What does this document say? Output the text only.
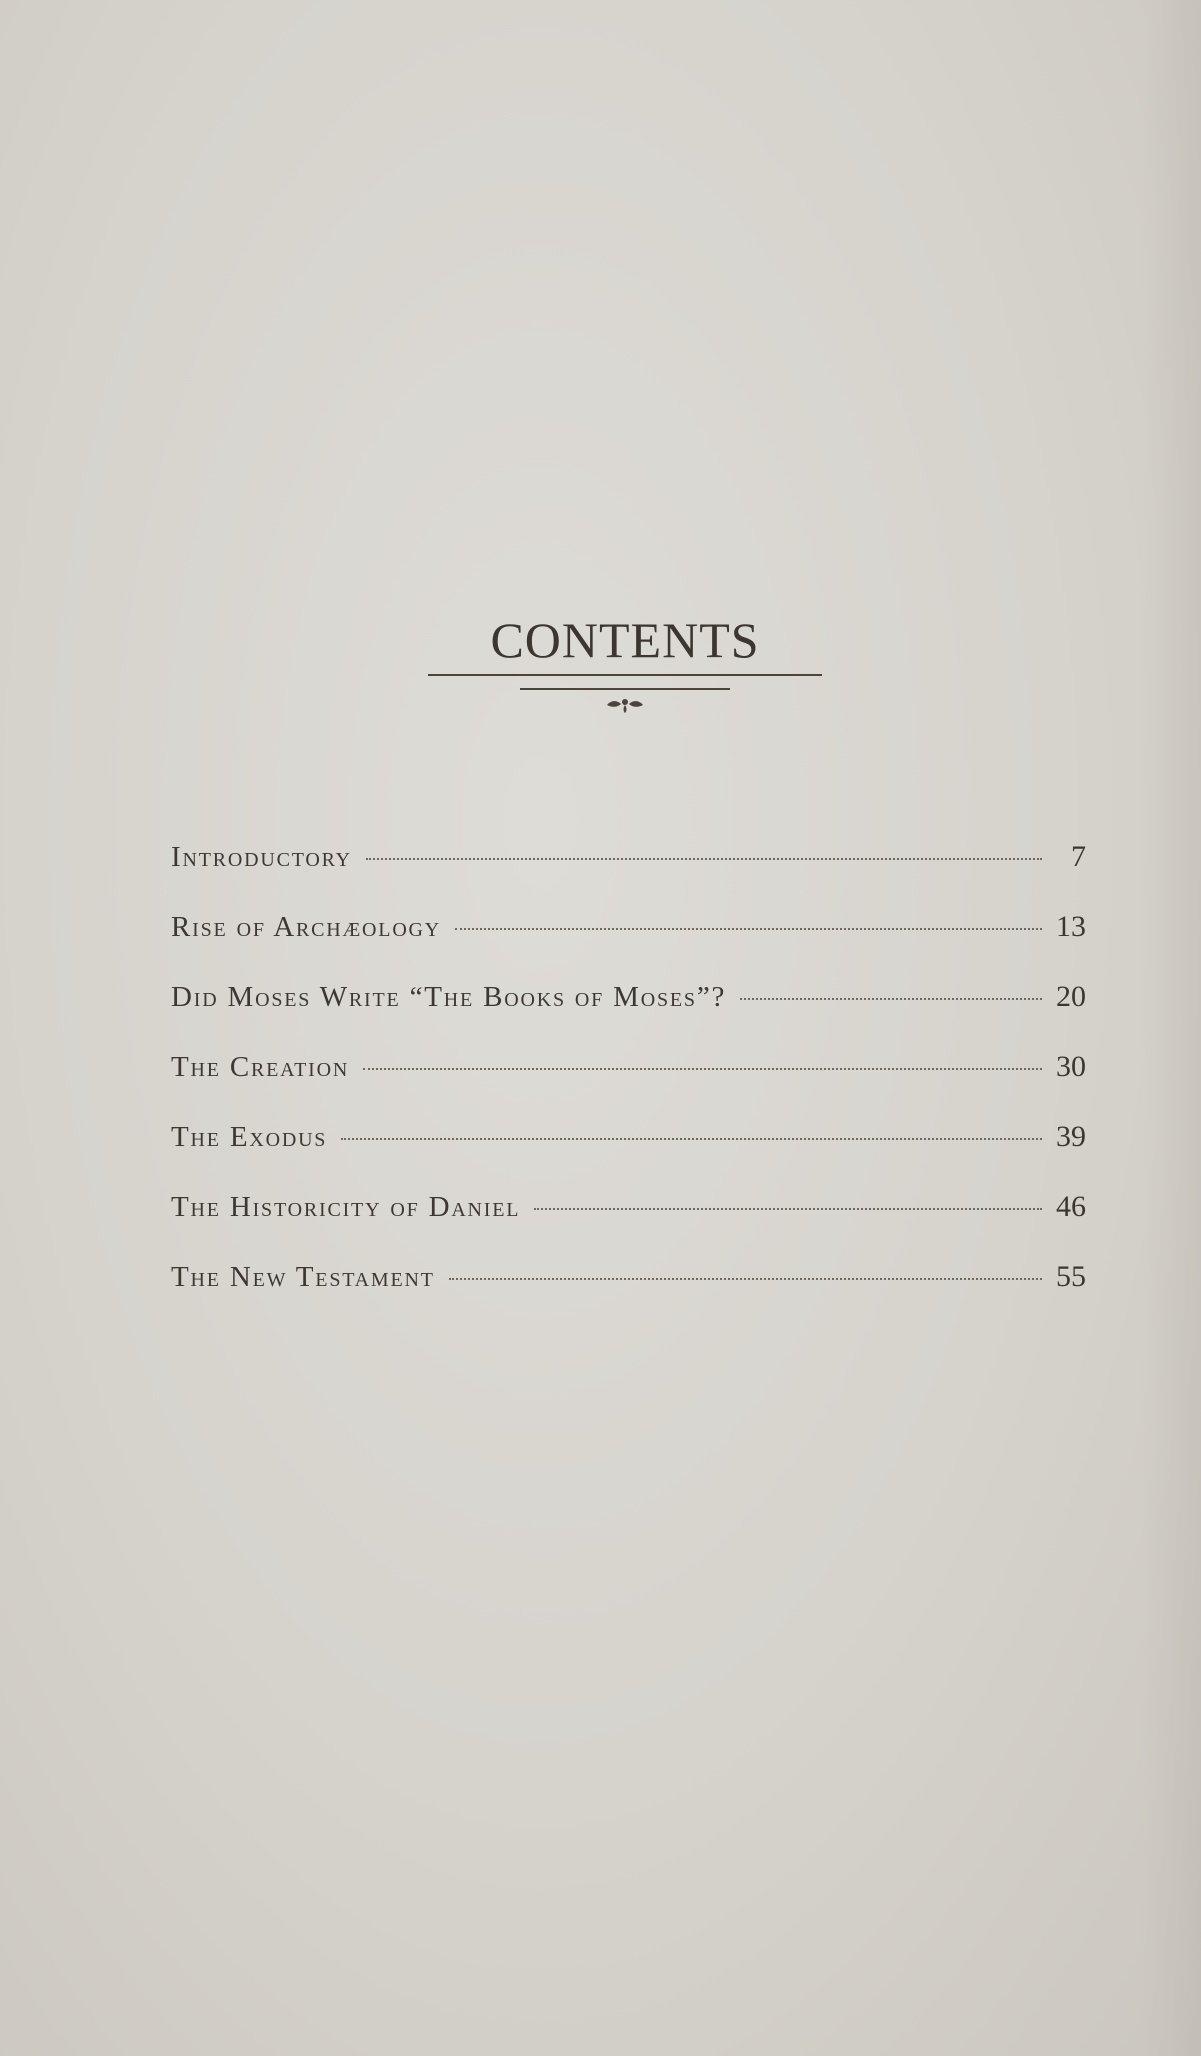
CONTENTS
Introductory	7
Rise of Archæology	13
Did Moses Write “The Books of Moses”?	20
The Creation	30
The Exodus	39
The Historicity of Daniel	46
The New Testament	55
